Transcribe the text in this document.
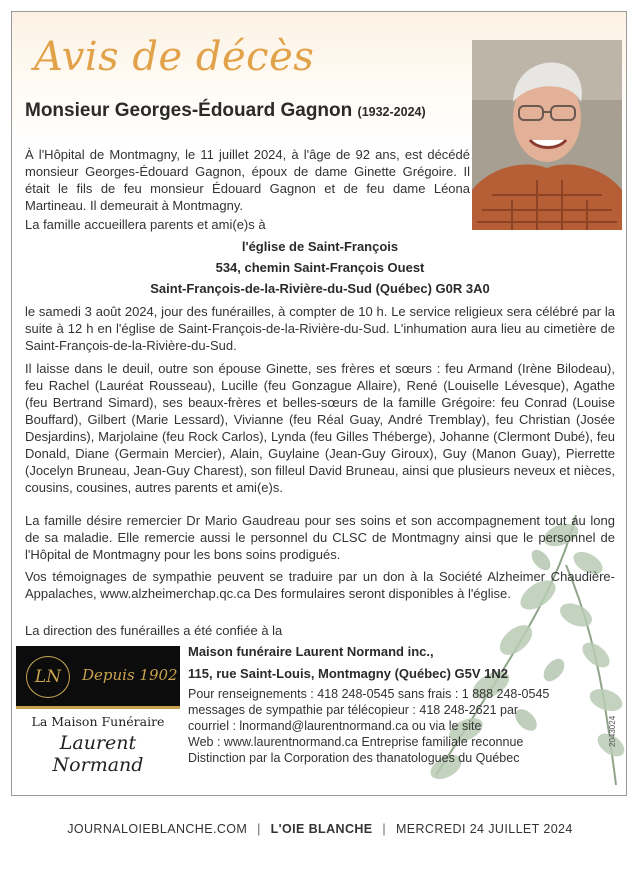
Avis de décès
Monsieur Georges-Édouard Gagnon (1932-2024)
À l'Hôpital de Montmagny, le 11 juillet 2024, à l'âge de 92 ans, est décédé monsieur Georges-Édouard Gagnon, époux de dame Ginette Grégoire. Il était le fils de feu monsieur Édouard Gagnon et de feu dame Léona Martineau. Il demeurait à Montmagny.
La famille accueillera parents et ami(e)s à
l'église de Saint-François
534, chemin Saint-François Ouest
Saint-François-de-la-Rivière-du-Sud (Québec) G0R 3A0
le samedi 3 août 2024, jour des funérailles, à compter de 10 h. Le service religieux sera célébré par la suite à 12 h en l'église de Saint-François-de-la-Rivière-du-Sud. L'inhumation aura lieu au cimetière de Saint-François-de-la-Rivière-du-Sud.
Il laisse dans le deuil, outre son épouse Ginette, ses frères et sœurs : feu Armand (Irène Bilodeau), feu Rachel (Lauréat Rousseau), Lucille (feu Gonzague Allaire), René (Louiselle Lévesque), Agathe (feu Bertrand Simard), ses beaux-frères et belles-sœurs de la famille Grégoire: feu Conrad (Louise Bouffard), Gilbert (Marie Lessard), Vivianne (feu Réal Guay, André Tremblay), feu Christian (Josée Desjardins), Marjolaine (feu Rock Carlos), Lynda (feu Gilles Théberge), Johanne (Clermont Dubé), feu Donald, Diane (Germain Mercier), Alain, Guylaine (Jean-Guy Giroux), Guy (Manon Guay), Pierrette (Jocelyn Bruneau, Jean-Guy Charest), son filleul David Bruneau, ainsi que plusieurs neveux et nièces, cousins, cousines, autres parents et ami(e)s.
La famille désire remercier Dr Mario Gaudreau pour ses soins et son accompagnement tout au long de sa maladie. Elle remercie aussi le personnel du CLSC de Montmagny ainsi que le personnel de l'Hôpital de Montmagny pour les bons soins prodigués.
Vos témoignages de sympathie peuvent se traduire par un don à la Société Alzheimer Chaudière-Appalaches, www.alzheimerchap.qc.ca Des formulaires seront disponibles à l'église.
La direction des funérailles a été confiée à la
LN	Depuis 1902
La Maison Funéraire
Laurent Normand
Maison funéraire Laurent Normand inc.,
115, rue Saint-Louis, Montmagny (Québec) G5V 1N2
Pour renseignements : 418 248-0545 sans frais : 1 888 248-0545
messages de sympathie par télécopieur : 418 248-2621 par
courriel : lnormand@laurentnormand.ca ou via le site
Web : www.laurentnormand.ca Entreprise familiale reconnue
Distinction par la Corporation des thanatologues du Québec
2043024
JOURNALOIEBLANCHE.COM | L'OIE BLANCHE | MERCREDI 24 JUILLET 2024
